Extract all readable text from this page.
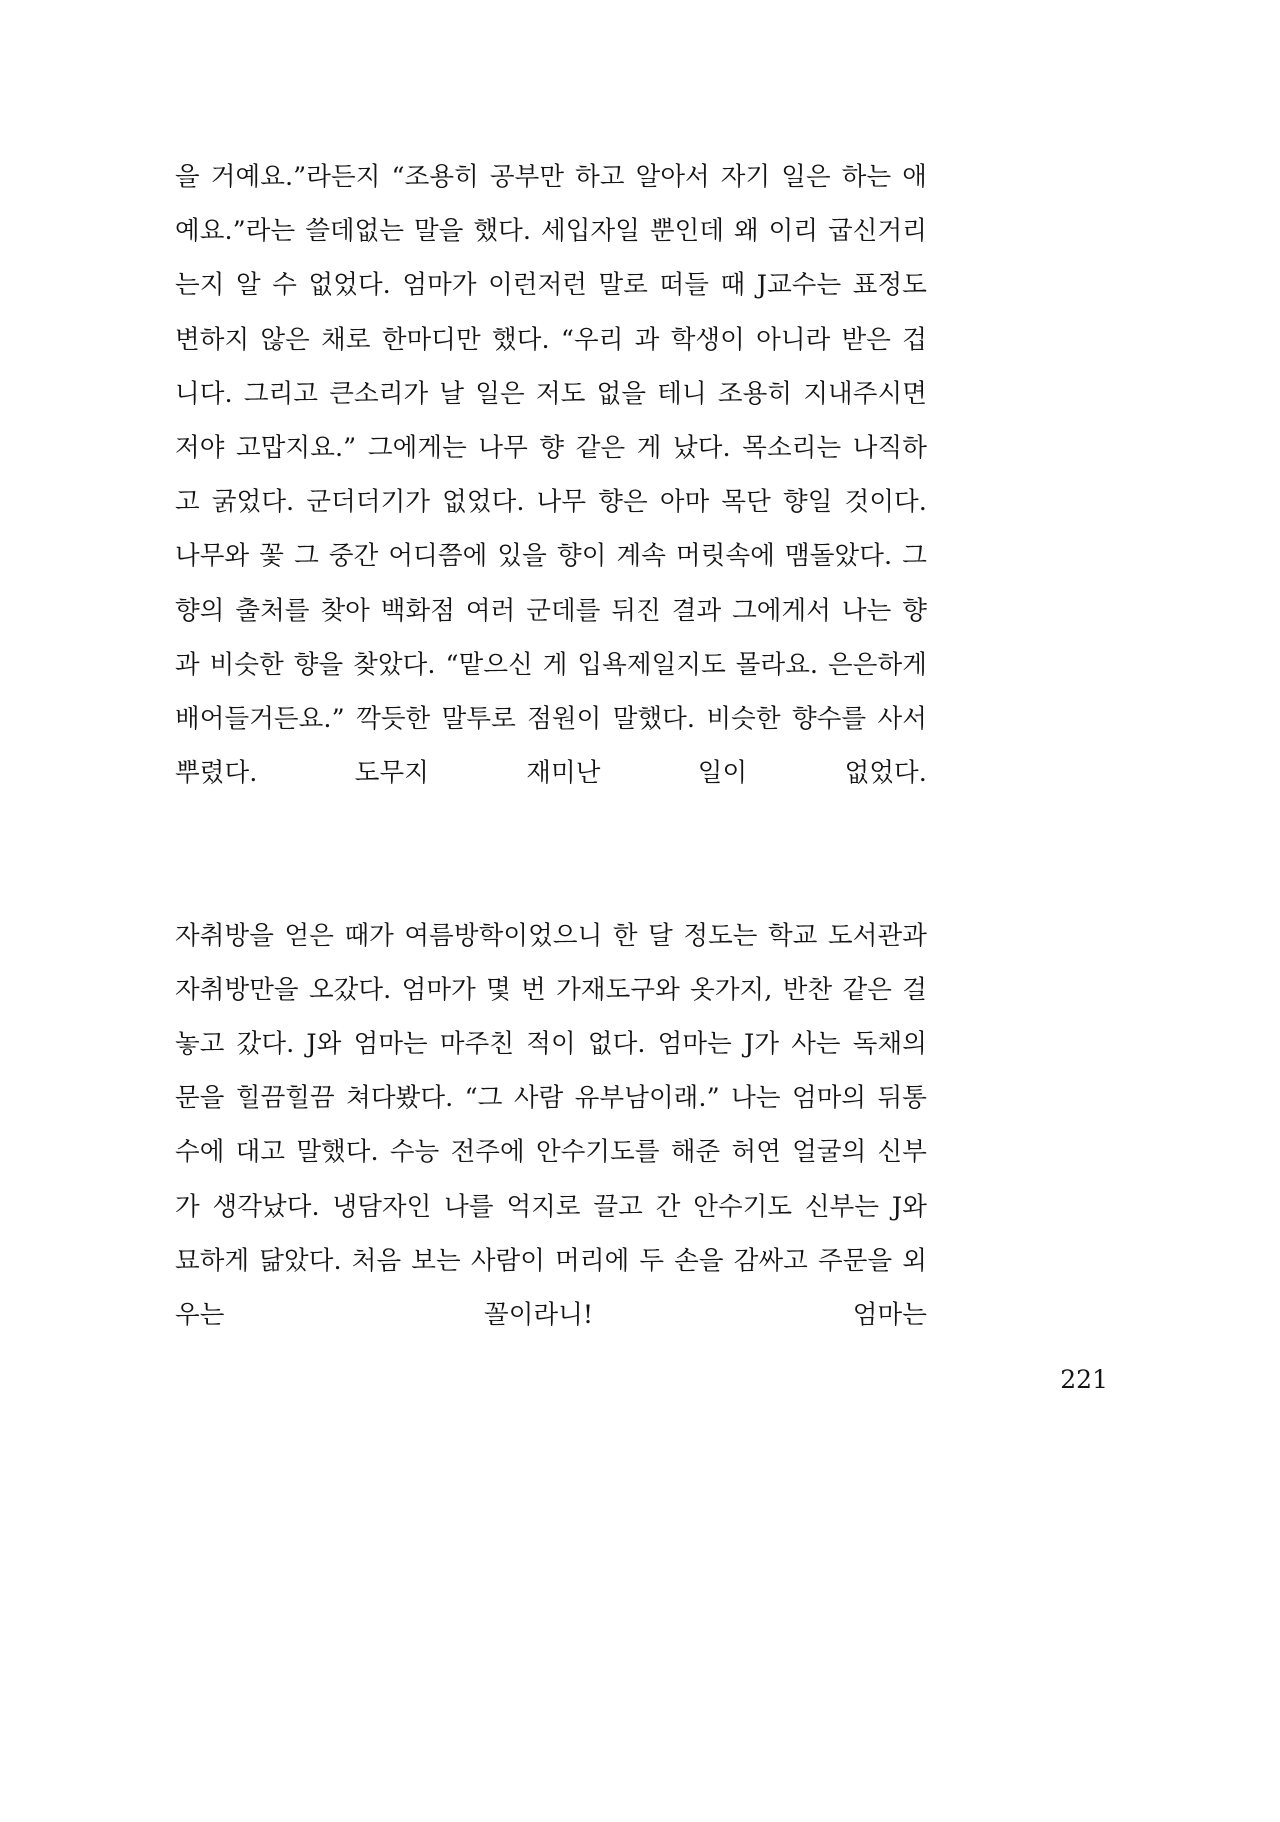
을 거예요.”라든지 “조용히 공부만 하고 알아서 자기 일은 하는 애예요.”라는 쓸데없는 말을 했다. 세입자일 뿐인데 왜 이리 굽신거리는지 알 수 없었다. 엄마가 이런저런 말로 떠들 때 J교수는 표정도 변하지 않은 채로 한마디만 했다. “우리 과 학생이 아니라 받은 겁니다. 그리고 큰소리가 날 일은 저도 없을 테니 조용히 지내주시면 저야 고맙지요.” 그에게는 나무 향 같은 게 났다. 목소리는 나직하고 굵었다. 군더더기가 없었다. 나무 향은 아마 목단 향일 것이다. 나무와 꽃 그 중간 어디쯤에 있을 향이 계속 머릿속에 맴돌았다. 그 향의 출처를 찾아 백화점 여러 군데를 뒤진 결과 그에게서 나는 향과 비슷한 향을 찾았다. “맡으신 게 입욕제일지도 몰라요. 은은하게 배어들거든요.” 깍듯한 말투로 점원이 말했다. 비슷한 향수를 사서 뿌렸다. 도무지 재미난 일이 없었다.

자취방을 얻은 때가 여름방학이었으니 한 달 정도는 학교 도서관과 자취방만을 오갔다. 엄마가 몇 번 가재도구와 옷가지, 반찬 같은 걸 놓고 갔다. J와 엄마는 마주친 적이 없다. 엄마는 J가 사는 독채의 문을 힐끔힐끔 쳐다봤다. “그 사람 유부남이래.” 나는 엄마의 뒤통수에 대고 말했다. 수능 전주에 안수기도를 해준 허연 얼굴의 신부가 생각났다. 냉담자인 나를 억지로 끌고 간 안수기도 신부는 J와 묘하게 닮았다. 처음 보는 사람이 머리에 두 손을 감싸고 주문을 외우는 꼴이라니! 엄마는

221
